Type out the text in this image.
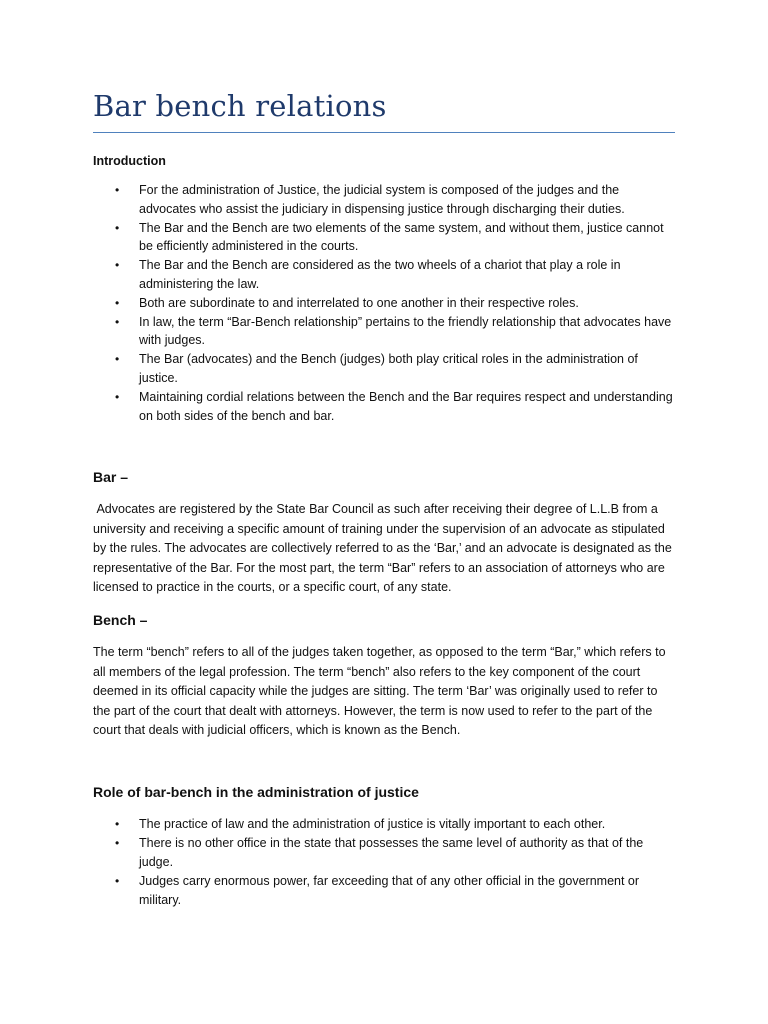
Bar bench relations
Introduction
• For the administration of Justice, the judicial system is composed of the judges and the advocates who assist the judiciary in dispensing justice through discharging their duties.
• The Bar and the Bench are two elements of the same system, and without them, justice cannot be efficiently administered in the courts.
• The Bar and the Bench are considered as the two wheels of a chariot that play a role in administering the law.
• Both are subordinate to and interrelated to one another in their respective roles.
• In law, the term “Bar-Bench relationship” pertains to the friendly relationship that advocates have with judges.
• The Bar (advocates) and the Bench (judges) both play critical roles in the administration of justice.
• Maintaining cordial relations between the Bench and the Bar requires respect and understanding on both sides of the bench and bar.
Bar –

Advocates are registered by the State Bar Council as such after receiving their degree of L.L.B from a university and receiving a specific amount of training under the supervision of an advocate as stipulated by the rules. The advocates are collectively referred to as the ‘Bar,’ and an advocate is designated as the representative of the Bar. For the most part, the term “Bar” refers to an association of attorneys who are licensed to practice in the courts, or a specific court, of any state.

Bench –

The term “bench” refers to all of the judges taken together, as opposed to the term “Bar,” which refers to all members of the legal profession. The term “bench” also refers to the key component of the court deemed in its official capacity while the judges are sitting. The term ‘Bar’ was originally used to refer to the part of the court that dealt with attorneys. However, the term is now used to refer to the part of the court that deals with judicial officers, which is known as the Bench.

Role of bar-bench in the administration of justice
• The practice of law and the administration of justice is vitally important to each other.
• There is no other office in the state that possesses the same level of authority as that of the judge.
• Judges carry enormous power, far exceeding that of any other official in the government or military.
